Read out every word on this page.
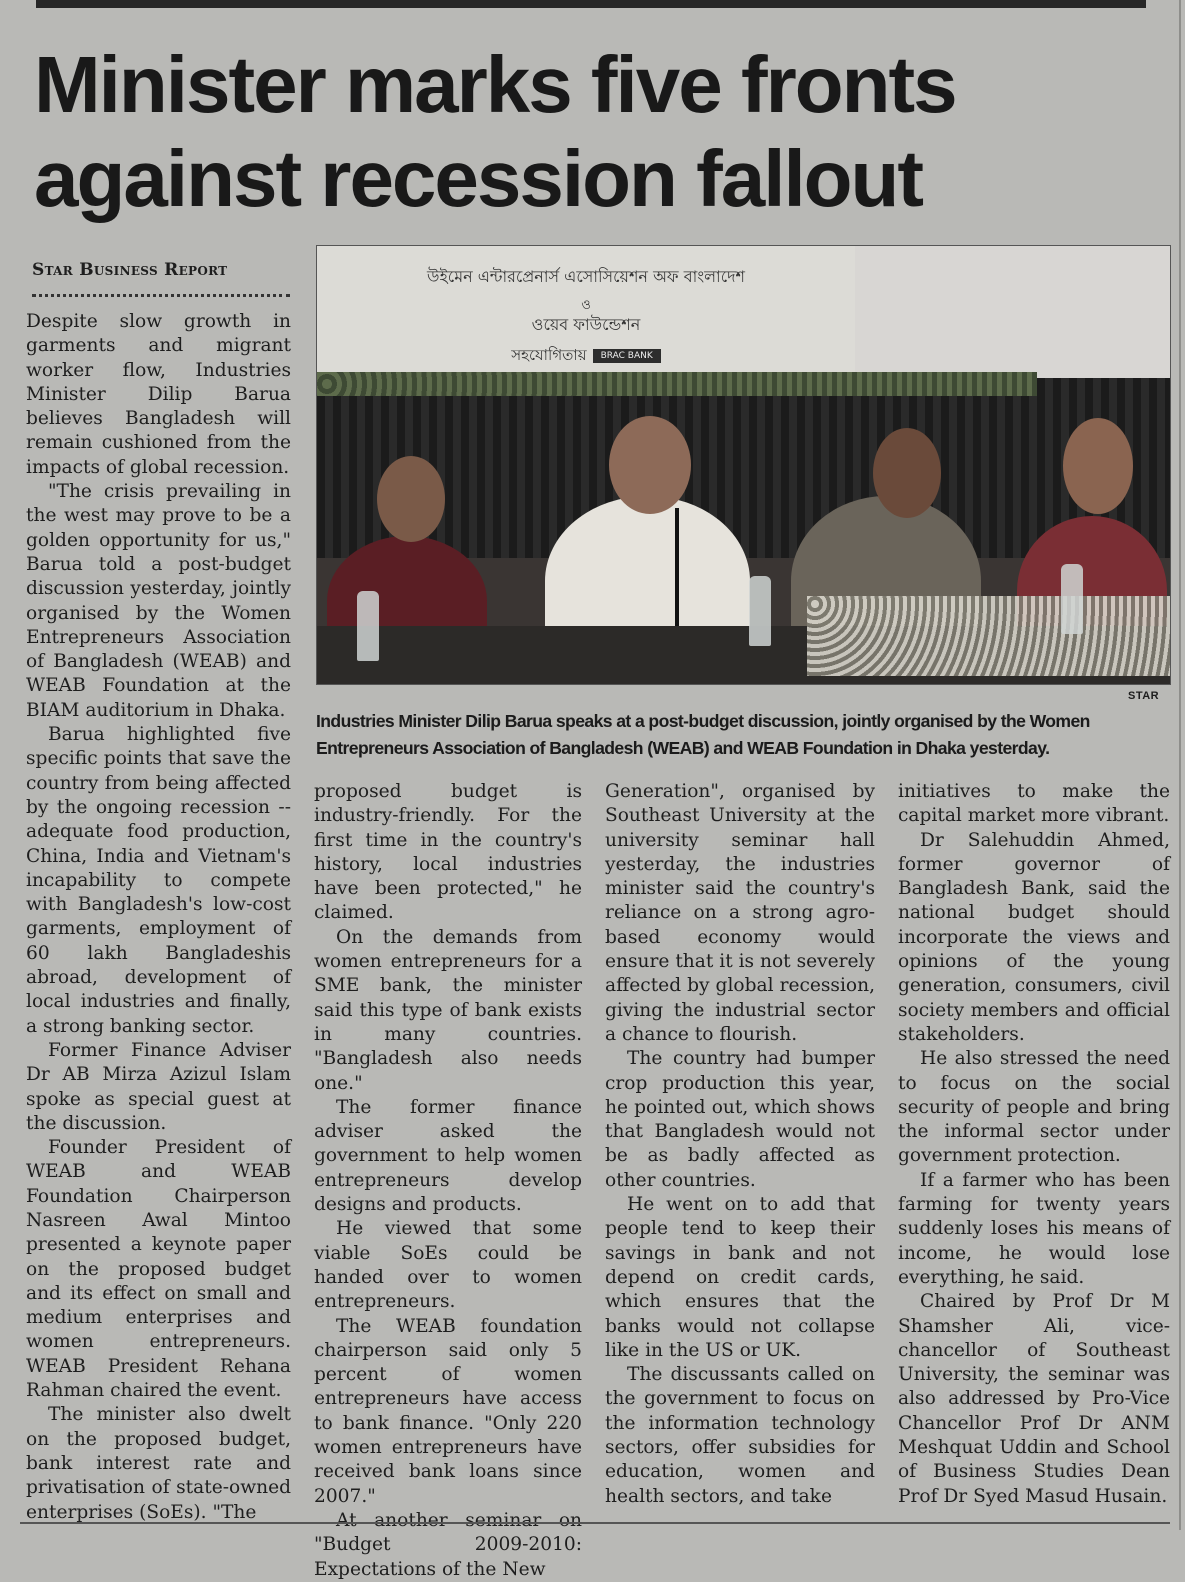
Minister marks five fronts
against recession fallout
Star Business Report	উইমেন এন্টারপ্রেনার্স এসোসিয়েশন অফ বাংলাদেশ
ও
ওয়েব ফাউন্ডেশন
সহযোগিতায় BRAC BANK
STAR
Industries Minister Dilip Barua speaks at a post-budget discussion, jointly organised by the Women Entrepreneurs Association of Bangladesh (WEAB) and WEAB Foundation in Dhaka yesterday.

Despite slow growth in garments and migrant worker flow, Industries Minister Dilip Barua believes Bangladesh will remain cushioned from the impacts of global recession.

"The crisis prevailing in the west may prove to be a golden opportunity for us," Barua told a post-budget discussion yesterday, jointly organised by the Women Entrepreneurs Association of Bangladesh (WEAB) and WEAB Foundation at the BIAM auditorium in Dhaka.

Barua highlighted five specific points that save the country from being affected by the ongoing recession -- adequate food production, China, India and Vietnam's incapability to compete with Bangladesh's low-cost garments, employment of 60 lakh Bangladeshis abroad, development of local industries and finally, a strong banking sector.

Former Finance Adviser Dr AB Mirza Azizul Islam spoke as special guest at the discussion.

Founder President of WEAB and WEAB Foundation Chairperson Nasreen Awal Mintoo presented a keynote paper on the proposed budget and its effect on small and medium enterprises and women entrepreneurs. WEAB President Rehana Rahman chaired the event.

The minister also dwelt on the proposed budget, bank interest rate and privatisation of state-owned enterprises (SoEs). "The

proposed budget is industry-friendly. For the first time in the country's history, local industries have been protected," he claimed.

On the demands from women entrepreneurs for a SME bank, the minister said this type of bank exists in many countries. "Bangladesh also needs one."

The former finance adviser asked the government to help women entrepreneurs develop designs and products.

He viewed that some viable SoEs could be handed over to women entrepreneurs.

The WEAB foundation chairperson said only 5 percent of women entrepreneurs have access to bank finance. "Only 220 women entrepreneurs have received bank loans since 2007."

At another seminar on "Budget 2009-2010: Expectations of the New

Generation", organised by Southeast University at the university seminar hall yesterday, the industries minister said the country's reliance on a strong agro-based economy would ensure that it is not severely affected by global recession, giving the industrial sector a chance to flourish.

The country had bumper crop production this year, he pointed out, which shows that Bangladesh would not be as badly affected as other countries.

He went on to add that people tend to keep their savings in bank and not depend on credit cards, which ensures that the banks would not collapse like in the US or UK.

The discussants called on the government to focus on the information technology sectors, offer subsidies for education, women and health sectors, and take

initiatives to make the capital market more vibrant.

Dr Salehuddin Ahmed, former governor of Bangladesh Bank, said the national budget should incorporate the views and opinions of the young generation, consumers, civil society members and official stakeholders.

He also stressed the need to focus on the social security of people and bring the informal sector under government protection.

If a farmer who has been farming for twenty years suddenly loses his means of income, he would lose everything, he said.

Chaired by Prof Dr M Shamsher Ali, vice-chancellor of Southeast University, the seminar was also addressed by Pro-Vice Chancellor Prof Dr ANM Meshquat Uddin and School of Business Studies Dean Prof Dr Syed Masud Husain.
